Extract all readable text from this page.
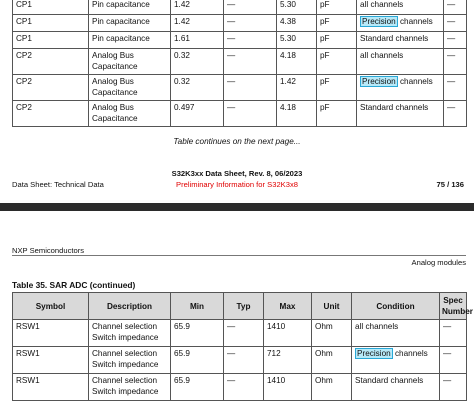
CP1	Pin capacitance	1.42	—	5.30	pF	all channels	—
CP1	Pin capacitance	1.42	—	4.38	pF	Precision channels	—
CP1	Pin capacitance	1.61	—	5.30	pF	Standard channels	—
CP2	Analog Bus Capacitance	0.32	—	4.18	pF	all channels	—
CP2	Analog Bus Capacitance	0.32	—	1.42	pF	Precision channels	—
CP2	Analog Bus Capacitance	0.497	—	4.18	pF	Standard channels	—
Table continues on the next page...
S32K3xx Data Sheet, Rev. 8, 06/2023
Data Sheet: Technical Data	Preliminary Information for S32K3x8	75 / 136
NXP Semiconductors
Analog modules
Table 35. SAR ADC (continued)
Symbol	Description	Min	Typ	Max	Unit	Condition	Spec Number
RSW1	Channel selection Switch impedance	65.9	—	1410	Ohm	all channels	—
RSW1	Channel selection Switch impedance	65.9	—	712	Ohm	Precision channels	—
RSW1	Channel selection Switch impedance	65.9	—	1410	Ohm	Standard channels	—
